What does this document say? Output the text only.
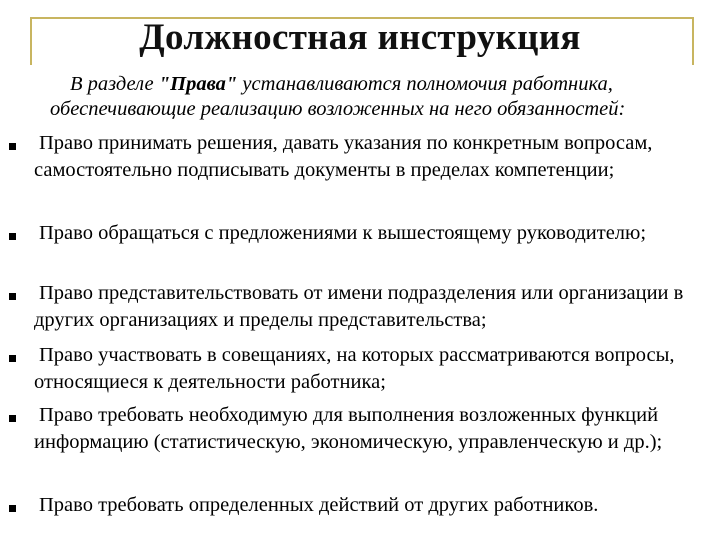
Должностная инструкция
В разделе "Права" устанавливаются полномочия работника,
обеспечивающие реализацию возложенных на него обязанностей:
Право принимать решения, давать указания по конкретным вопросам, самостоятельно подписывать документы в пределах компетенции;
Право обращаться с предложениями к вышестоящему руководителю;
Право представительствовать от имени подразделения или организации в других организациях и пределы представительства;
Право участвовать в совещаниях, на которых рассматриваются вопросы, относящиеся к деятельности работника;
Право требовать необходимую для выполнения возложенных функций информацию (статистическую, экономическую, управленческую и др.);
Право требовать определенных действий от других работников.
